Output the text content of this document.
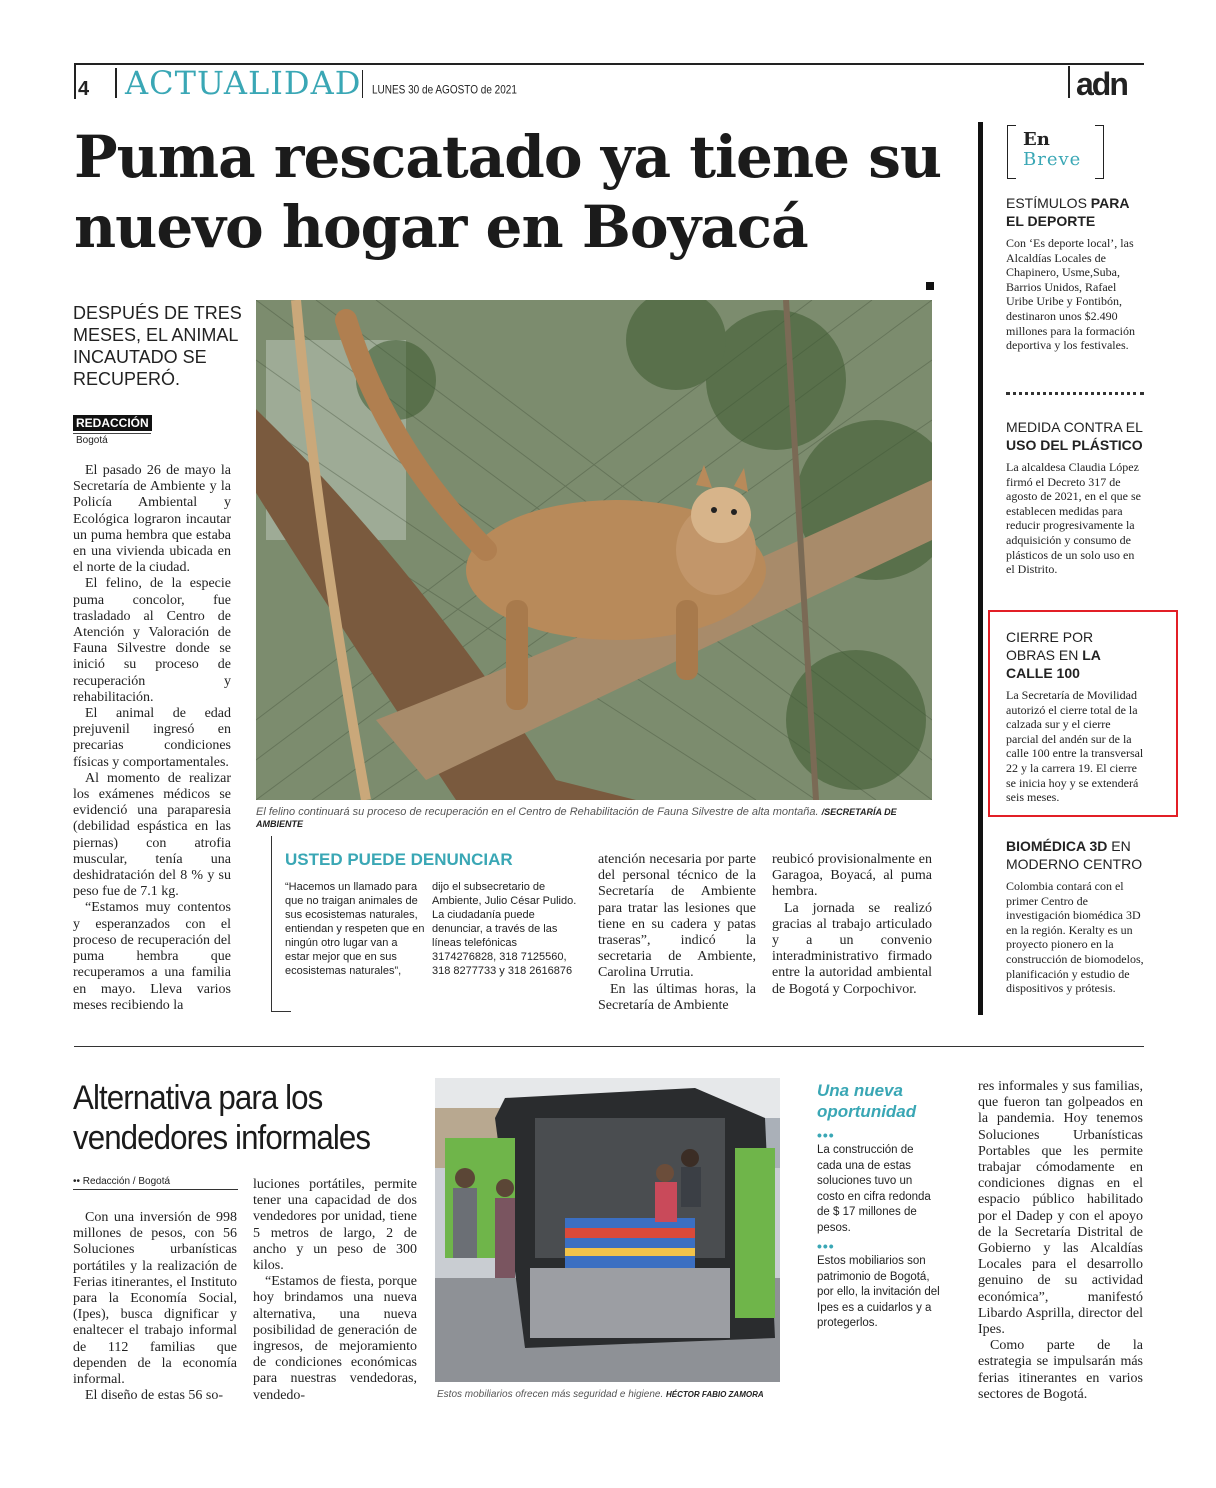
4 ACTUALIDAD LUNES 30 de AGOSTO de 2021	adn
Puma rescatado ya tiene su nuevo hogar en Boyacá
DESPUÉS DE TRES MESES, EL ANIMAL INCAUTADO SE RECUPERÓ.
REDACCIÓN
Bogotá

El pasado 26 de mayo la Secretaría de Ambiente y la Policía Ambiental y Ecológica lograron incautar un puma hembra que estaba en una vivienda ubicada en el norte de la ciudad.

El felino, de la especie puma concolor, fue trasladado al Centro de Atención y Valoración de Fauna Silvestre donde se inició su proceso de recuperación y rehabilitación.

El animal de edad prejuvenil ingresó en precarias condiciones físicas y comportamentales.

Al momento de realizar los exámenes médicos se evidenció una paraparesia (debilidad espástica en las piernas) con atrofia muscular, tenía una deshidratación del 8 % y su peso fue de 7.1 kg.

“Estamos muy contentos y esperanzados con el proceso de recuperación del puma hembra que recuperamos a una familia en mayo. Lleva varios meses recibiendo la

El felino continuará su proceso de recuperación en el Centro de Rehabilitación de Fauna Silvestre de alta montaña. /SECRETARÍA DE AMBIENTE
USTED PUEDE DENUNCIAR
“Hacemos un llamado para que no traigan animales de sus ecosistemas naturales, entiendan y respeten que en ningún otro lugar van a estar mejor que en sus ecosistemas naturales”,
dijo el subsecretario de Ambiente, Julio César Pulido. La ciudadanía puede denunciar, a través de las líneas telefónicas 3174276828, 318 7125560, 318 8277733 y 318 2616876

atención necesaria por parte del personal técnico de la Secretaría de Ambiente para tratar las lesiones que tiene en su cadera y patas traseras”, indicó la secretaria de Ambiente, Carolina Urrutia.

En las últimas horas, la Secretaría de Ambiente

reubicó provisionalmente en Garagoa, Boyacá, al puma hembra.

La jornada se realizó gracias al trabajo articulado y a un convenio interadministrativo firmado entre la autoridad ambiental de Bogotá y Corpochivor.

En
Breve
ESTÍMULOS PARA EL DEPORTE
Con ‘Es deporte local’, las Alcaldías Locales de Chapinero, Usme,Suba, Barrios Unidos, Rafael Uribe Uribe y Fontibón, destinaron unos $2.490 millones para la formación deportiva y los festivales.
MEDIDA CONTRA EL USO DEL PLÁSTICO
La alcaldesa Claudia López firmó el Decreto 317 de agosto de 2021, en el que se establecen medidas para reducir progresivamente la adquisición y consumo de plásticos de un solo uso en el Distrito.
CIERRE POR OBRAS EN LA CALLE 100
La Secretaría de Movilidad autorizó el cierre total de la calzada sur y el cierre parcial del andén sur de la calle 100 entre la transversal 22 y la carrera 19. El cierre se inicia hoy y se extenderá seis meses.
BIOMÉDICA 3D EN MODERNO CENTRO
Colombia contará con el primer Centro de investigación biomédica 3D en la región. Keralty es un proyecto pionero en la construcción de biomodelos, planificación y estudio de dispositivos y prótesis.
Alternativa para los vendedores informales
•• Redacción / Bogotá

Con una inversión de 998 millones de pesos, con 56 Soluciones urbanísticas portátiles y la realización de Ferias itinerantes, el Instituto para la Economía Social, (Ipes), busca dignificar y enaltecer el trabajo informal de 112 familias que dependen de la economía informal.

El diseño de estas 56 so-

luciones portátiles, permite tener una capacidad de dos vendedores por unidad, tiene 5 metros de largo, 2 de ancho y un peso de 300 kilos.

“Estamos de fiesta, porque hoy brindamos una nueva alternativa, una nueva posibilidad de generación de ingresos, de mejoramiento de condiciones económicas para nuestras vendedoras, vendedo-	Estos mobiliarios ofrecen más seguridad e higiene. HÉCTOR FABIO ZAMORA
Una nueva oportunidad
•••
La construcción de cada una de estas soluciones tuvo un costo en cifra redonda de $ 17 millones de pesos.
•••
Estos mobiliarios son patrimonio de Bogotá, por ello, la invitación del Ipes es a cuidarlos y a protegerlos.

res informales y sus familias, que fueron tan golpeados en la pandemia. Hoy tenemos Soluciones Urbanísticas Portables que les permite trabajar cómodamente en condiciones dignas en el espacio público habilitado por el Dadep y con el apoyo de la Secretaría Distrital de Gobierno y las Alcaldías Locales para el desarrollo genuino de su actividad económica”, manifestó Libardo Asprilla, director del Ipes.

Como parte de la estrategia se impulsarán más ferias itinerantes en varios sectores de Bogotá.
